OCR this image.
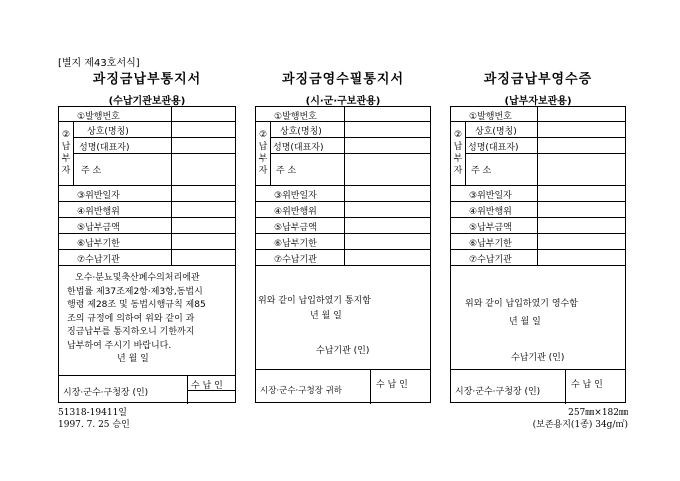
[별지 제43호서식]
과징금납부통지서
(수납기관보관용)
①발행번호
②
납
부
자
상호(명칭)
성명(대표자)
주 소
③위반일자
④위반행위
⑤납부금액
⑥납부기한
⑦수납기관
오수·분뇨및축산폐수의처리에관
한법률 제37조제2항·제3항,동법시
행령 제28조 및 동법시행규칙 제85
조의 규정에 의하여 위와 같이 과
징금납부를 통지하오니 기한까지
납부하여 주시기 바랍니다.
년 월 일
시장·군수·구청장 (인)
수 납 인
과징금영수필통지서
(시·군·구보관용)
①발행번호
②
납
부
자
상호(명칭)
성명(대표자)
주 소
③위반일자
④위반행위
⑤납부금액
⑥납부기한
⑦수납기관
위와 같이 납입하였기 통지함
년 월 일
수납기관 (인)
시장·군수·구청장 귀하
수 납 인
과징금납부영수증
(납부자보관용)
①발행번호
②
납
부
자
상호(명칭)
성명(대표자)
주 소
③위반일자
④위반행위
⑤납부금액
⑥납부기한
⑦수납기관
위와 같이 납입하였기 영수함
년 월 일
수납기관 (인)
시장·군수·구청장 (인)
수 납 인
51318-19411일
1997. 7. 25 승인
257㎜×182㎜
(보존용지(1종) 34g/㎡)
